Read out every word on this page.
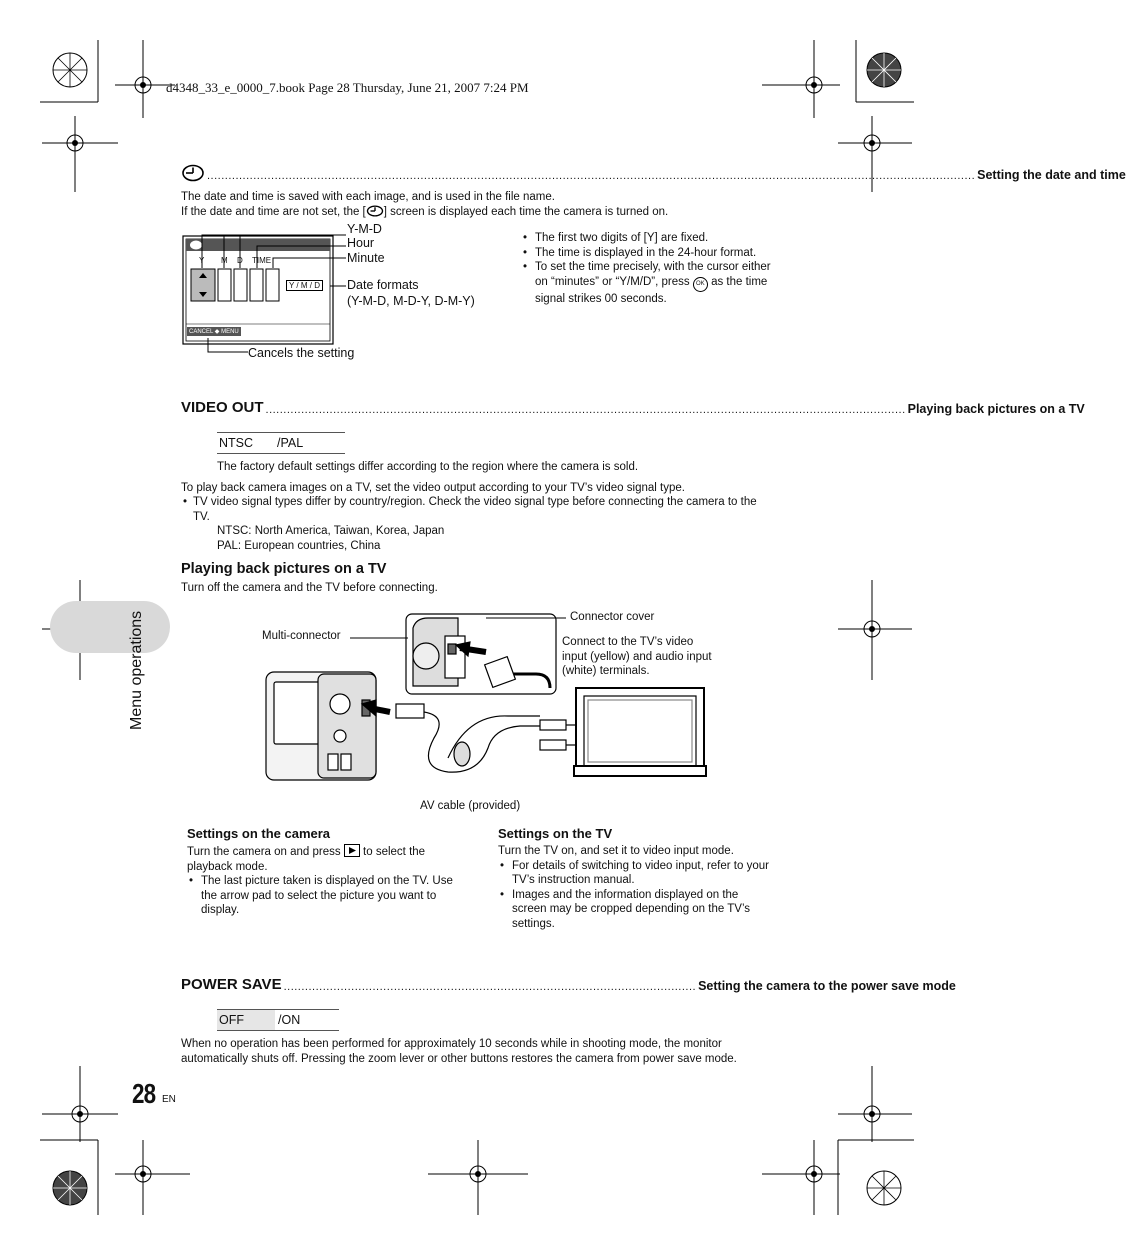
d4348_33_e_0000_7.book Page 28 Thursday, June 21, 2007 7:24 PM
........................................................................................................................................................................................................................ Setting the date and time
The date and time is saved with each image, and is used in the file name.
If the date and time are not set, the [ ] screen is displayed each time the camera is turned on.
Y M D TIME
Y / M / D
CANCEL ◆ MENU
Y-M-D
Hour
Minute
Date formats
(Y-M-D, M-D-Y, D-M-Y)
Cancels the setting
• The first two digits of [Y] are fixed.
• The time is displayed in the 24-hour format.
• To set the time precisely, with the cursor either on “minutes” or “Y/M/D”, press OK as the time signal strikes 00 seconds.
VIDEO OUT .................................................................................................................................................................................... Playing back pictures on a TV
NTSC /PAL
The factory default settings differ according to the region where the camera is sold.
To play back camera images on a TV, set the video output according to your TV’s video signal type.
• TV video signal types differ by country/region. Check the video signal type before connecting the camera to the TV.
NTSC: North America, Taiwan, Korea, Japan
PAL: European countries, China
Playing back pictures on a TV
Turn off the camera and the TV before connecting.
Connector cover
Multi-connector	Connect to the TV’s video
input (yellow) and audio input
(white) terminals.
AV cable (provided)
Settings on the camera
Turn the camera on and press to select the playback mode.
• The last picture taken is displayed on the TV. Use the arrow pad to select the picture you want to display.
Settings on the TV
Turn the TV on, and set it to video input mode.
• For details of switching to video input, refer to your TV’s instruction manual.
• Images and the information displayed on the screen may be cropped depending on the TV’s settings.
POWER SAVE .................................................................................................................... Setting the camera to the power save mode
OFF	/ON
When no operation has been performed for approximately 10 seconds while in shooting mode, the monitor automatically shuts off. Pressing the zoom lever or other buttons restores the camera from power save mode.
Menu operations
28 EN
